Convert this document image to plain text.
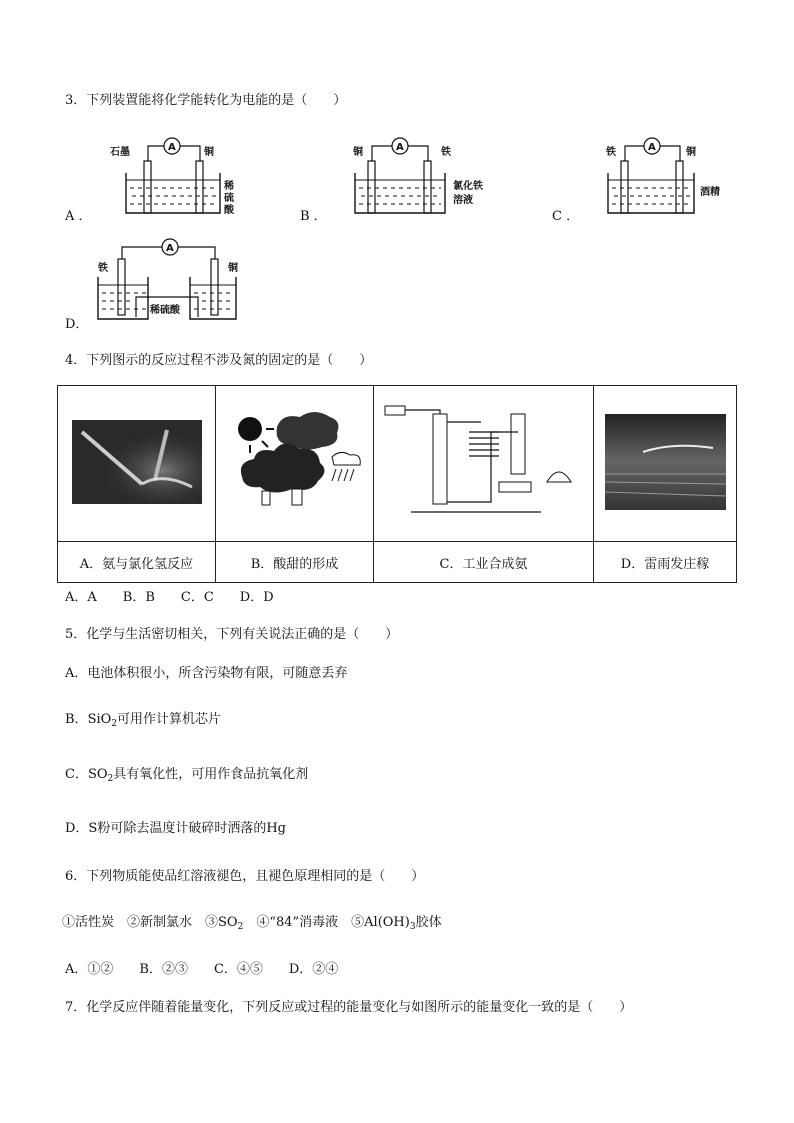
3．下列装置能将化学能转化为电能的是（　　）
A ．
石墨	铜
A
稀
硫
酸	B ．
铜	铁
A
氯化铁
溶液
C ．
铁	铜
A
酒精
D．
A
铁	铜
稀硫酸
4．下列图示的反应过程不涉及氮的固定的是（　　）

A．氨与氯化氢反应	B．酸甜的形成	C．工业合成氨	D．雷雨发庄稼
A．A　　B．B　　C．C　　D．D
5．化学与生活密切相关，下列有关说法正确的是（　　）
A．电池体积很小，所含污染物有限，可随意丢弃
B．SiO$_2$可用作计算机芯片
C．$SO_2$具有氧化性，可用作食品抗氧化剂
D．S粉可除去温度计破碎时洒落的Hg
6．下列物质能使品红溶液褪色，且褪色原理相同的是（　　）
①活性炭　②新制氯水　$③SO_2$　④“84”消毒液　$⑤Al(OH)_3$胶体
A．①②　　B．②③　　C．④⑤　　D．②④
7．化学反应伴随着能量变化，下列反应或过程的能量变化与如图所示的能量变化一致的是（　　）
